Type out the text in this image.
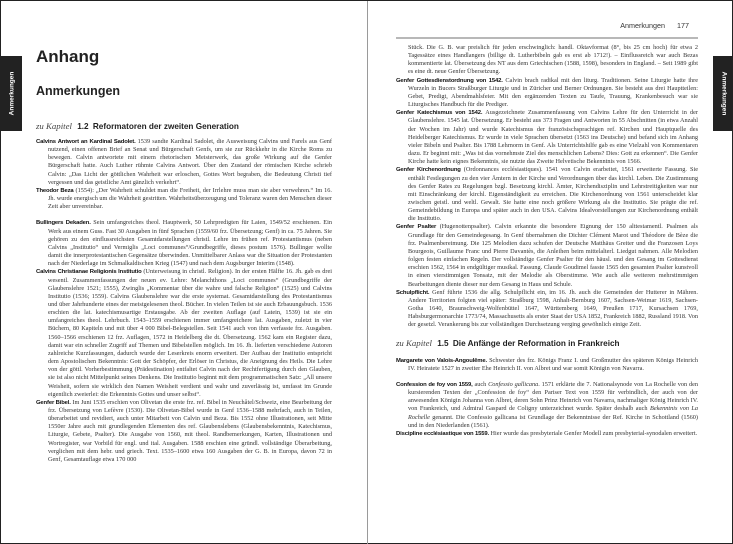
Anmerkungen
Anhang
Anmerkungen
zu Kapitel 1.2 Reformatoren der zweiten Generation

Calvins Antwort an Kardinal Sadolet. 1539 sandte Kardinal Sadolet, die Ausweisung Calvins und Farels aus Genf nutzend, einen offenen Brief an Senat und Bürgerschaft Genfs, um sie zur Rückkehr in die Kirche Roms zu bewegen. Calvin antwortete mit einem rhetorischen Meisterwerk, das große Wirkung auf die Genfer Bürgerschaft hatte. Auch Luther rühmte Calvins Antwort. Über den Zustand der römischen Kirche schrieb Calvin: „Das Licht der göttlichen Wahrheit war erloschen, Gottes Wort begraben, die Bedeutung Christi tief vergessen und das geistliche Amt gänzlich verkehrt“.

Theodor Beza (1554): „Der Wahrheit schuldet man die Freiheit, der Irrlehre muss man sie aber verwehren.“ Im 16. Jh. wurde energisch um die Wahrheit gestritten. Wahrheitsüberzeugung und Toleranz waren den Menschen dieser Zeit aber unvereinbar.

Bullingers Dekaden. Sein umfangreiches theol. Hauptwerk, 50 Lehrpredigten für Laien, 1549/52 erschienen. Ein Werk aus einem Guss. Fast 30 Ausgaben in fünf Sprachen (1559/60 frz. Übersetzung; Genf) in ca. 75 Jahren. Sie gehören zu den einflussreichsten Gesamtdarstellungen christl. Lehre im frühen ref. Protestantismus (neben Calvins „Institutio“ und Vermiglis „Loci communes“/Grundbegriffe, dieses postum 1576). Bullinger wollte damit die innerprotestantischen Gegensätze überwinden. Unmittelbarer Anlass war die Situation der Protestanten nach der Niederlage im Schmalkaldischen Krieg (1547) und nach dem Augsburger Interim (1548).

Calvins Christianae Religionis Institutio (Unterweisung in christl. Religion). In der ersten Hälfte 16. Jh. gab es drei wesentl. Zusammenfassungen der neuen ev. Lehre: Melanchthons „Loci communes“ (Grundbegriffe der Glaubenslehre 1521; 1555), Zwinglis „Kommentar über die wahre und falsche Religion“ (1525) und Calvins Institutio (1536; 1559). Calvins Glaubenslehre war die erste systemat. Gesamtdarstellung des Protestantismus und über Jahrhunderte eines der meistgelesenen theol. Bücher. In vielen Teilen ist sie auch Erbauungsbuch. 1536 erschien die lat. katechismusartige Erstausgabe. Ab der zweiten Auflage (auf Latein, 1539) ist sie ein umfangreiches theol. Lehrbuch. 1543–1559 erschienen immer umfangreichere lat. Ausgaben, zuletzt in vier Büchern, 80 Kapiteln und mit über 4 000 Bibel-Belegstellen. Seit 1541 auch von ihm verfasste frz. Ausgaben. 1560–1566 erschienen 12 frz. Auflagen, 1572 in Heidelberg die dt. Übersetzung. 1562 kam ein Register dazu, damit war ein schneller Zugriff auf Themen und Bibelstellen möglich. Im 16. Jh. lieferten verschiedene Autoren zahlreiche Kurzfassungen, dadurch wurde der Leserkreis enorm erweitert. Der Aufbau der Institutio entspricht dem Apostolischen Bekenntnis: Gott der Schöpfer, der Erlöser in Christus, die Aneignung des Heils. Die Lehre von der göttl. Vorherbestimmung (Prädestination) entfaltet Calvin nach der Rechtfertigung durch den Glauben, sie ist also nicht Mittelpunkt seines Denkens. Die Institutio beginnt mit dem programmatischen Satz: „All unsere Weisheit, sofern sie wirklich den Namen Weisheit verdient und wahr und zuverlässig ist, umfasst im Grunde eigentlich zweierlei: die Erkenntnis Gottes und unser selbst“.

Genfer Bibel. Im Juni 1535 erschien von Olivetan die erste frz. ref. Bibel in Neuchâtel/Schweiz, eine Bearbeitung der frz. Übersetzung von Lefèvre (1530). Die Olivetan-Bibel wurde in Genf 1536–1588 mehrfach, auch in Teilen, überarbeitet und revidiert, auch unter Mitarbeit von Calvin und Beza. Bis 1552 ohne Illustrationen, seit Mitte 1550er Jahre auch mit grundlegenden Elementen des ref. Glaubenslebens (Glaubensbekenntnis, Katechismus, Liturgie, Gebete, Psalter). Die Ausgabe von 1560, mit theol. Randbemerkungen, Karten, Illustrationen und Wortregister, war Vorbild für engl. und ital. Ausgaben. 1588 erschien eine gründl. vollständige Überarbeitung, verglichen mit dem hebr. und griech. Text. 1535–1600 etwa 160 Ausgaben der G. B. in Europa, davon 72 in Genf, Gesamtauflage etwa 170 000

Anmerkungen 177
Anmerkungen

Stück. Die G. B. war preislich für jeden erschwinglich: handl. Oktavformat (8°, bis 25 cm hoch) für etwa 2 Tagessätze eines Handlangers (billige dt. Lutherbibeln gab es erst ab 1712!). – Einflussreich war auch Bezas kommentierte lat. Übersetzung des NT aus dem Griechischen (1588, 1598), besonders in England. – Seit 1989 gibt es eine dt. neue Genfer Übersetzung.

Genfer Gottesdienstordnung von 1542. Calvin brach radikal mit den liturg. Traditionen. Seine Liturgie hatte ihre Wurzeln in Bucers Straßburger Liturgie und in Züricher und Berner Ordnungen. Sie besteht aus drei Hauptteilen: Gebet, Predigt, Abendmahlsfeier. Mit den ergänzenden Texten zu Taufe, Trauung, Krankenbesuch war sie Liturgisches Handbuch für die Prediger.

Genfer Katechismus von 1542. Ausgezeichnete Zusammenfassung von Calvins Lehre für den Unterricht in der Glaubenslehre. 1545 lat. Übersetzung. Er besteht aus 373 Fragen und Antworten in 55 Abschnitten (in etwa Anzahl der Wochen im Jahr) und wurde Katechismus der französischsprachigen ref. Kirchen und Hauptquelle des Heidelberger Katechismus. Er wurde in viele Sprachen übersetzt (1563 ins Deutsche) und befand sich im Anhang vieler Bibeln und Psalter. Bis 1788 Lehrnorm in Genf. Als Unterrichtshilfe gab es eine Vielzahl von Kommentaren dazu. Er beginnt mit: „Was ist das vornehmste Ziel des menschlichen Lebens? Dies: Gott zu erkennen“. Die Genfer Kirche hatte kein eignes Bekenntnis, sie nutzte das Zweite Helvetische Bekenntnis von 1566.

Genfer Kirchenordnung (Ordonnances ecclésiastiques). 1541 von Calvin erarbeitet, 1561 erweiterte Fassung. Sie enthält Festlegungen zu den vier Ämtern in der Kirche und Verordnungen über das kirchl. Leben. Die Zustimmung des Genfer Rates zu Regelungen bzgl. Besetzung kirchl. Ämter, Kirchendisziplin und Lehrstreitigkeiten war nur mit Einschränkung der kirchl. Eigenständigkeit zu erreichen. Die Kirchenordnung von 1561 unterscheidet klar zwischen geistl. und weltl. Gewalt. Sie hatte eine noch größere Wirkung als die Institutio. Sie prägte die ref. Gemeindebildung in Europa und später auch in den USA. Calvins Idealvorstellungen zur Kirchenordnung enthält die Institutio.

Genfer Psalter (Hugenottenpsalter). Calvin erkannte die besondere Eignung der 150 alttestamentl. Psalmen als Grundlage für den Gemeindegesang. In Genf übernahmen die Dichter Clément Marot und Théodore de Bèze die frz. Psalmenbereimung. Die 125 Melodien dazu schufen der Deutsche Matthäus Greiter und die Franzosen Loys Bourgeois, Guillaume Franc und Pierre Davantès, die Anleihen beim mittelalterl. Liedgut nahmen. Alle Melodien folgen festen einfachen Regeln. Der vollständige Genfer Psalter für den häusl. und den Gesang im Gottesdienst erschien 1562, 1564 in endgültiger musikal. Fassung. Claude Goudimel fasste 1565 den gesamten Psalter kunstvoll in einen vierstimmigen Tonsatz, mit der Melodie als Oberstimme. Wie auch alle weiteren mehrstimmigen Bearbeitungen diente dieser nur dem Gesang in Haus und Schule.

Schulpflicht. Genf führte 1536 die allg. Schulpflicht ein, im 16. Jh. auch die Gemeinden der Hutterer in Mähren. Andere Territorien folgten viel später: Straßburg 1598, Anhalt-Bernburg 1607, Sachsen-Weimar 1619, Sachsen-Gotha 1640, Braunschweig-Wolfenbüttel 1647, Württemberg 1649, Preußen 1717, Kursachsen 1769, Habsburgermonarchie 1773/74, Massachusetts als erster Staat der USA 1852, Frankreich 1882, Russland 1918. Von der gesetzl. Verankerung bis zur vollständigen Durchsetzung verging gewöhnlich einige Zeit.

zu Kapitel 1.5 Die Anfänge der Reformation in Frankreich

Margarete von Valois-Angoulême. Schwester des frz. Königs Franz I. und Großmutter des späteren Königs Heinrich IV. Heiratete 1527 in zweiter Ehe Heinrich II. von Albret und war somit Königin von Navarra.

Confession de foy von 1559, auch Confessio gallicana. 1571 erklärte die 7. Nationalsynode von La Rochelle von den kursierenden Texten der „Confession de foy“ den Pariser Text von 1559 für verbindlich, der auch von der anwesenden Königin Johanna von Albret, deren Sohn Prinz Heinrich von Navarra, nachmaliger König Heinrich IV. von Frankreich, und Admiral Gaspard de Coligny unterzeichnet wurde. Später deshalb auch Bekenntnis von La Rochelle genannt. Die Confessio gallicana ist Grundlage der Bekenntnisse der Ref. Kirche in Schottland (1560) und in den Niederlanden (1561).

Discipline ecclésiastique von 1559. Hier wurde das presbyteriale Genfer Modell zum presbyterial-synodalen erweitert.
